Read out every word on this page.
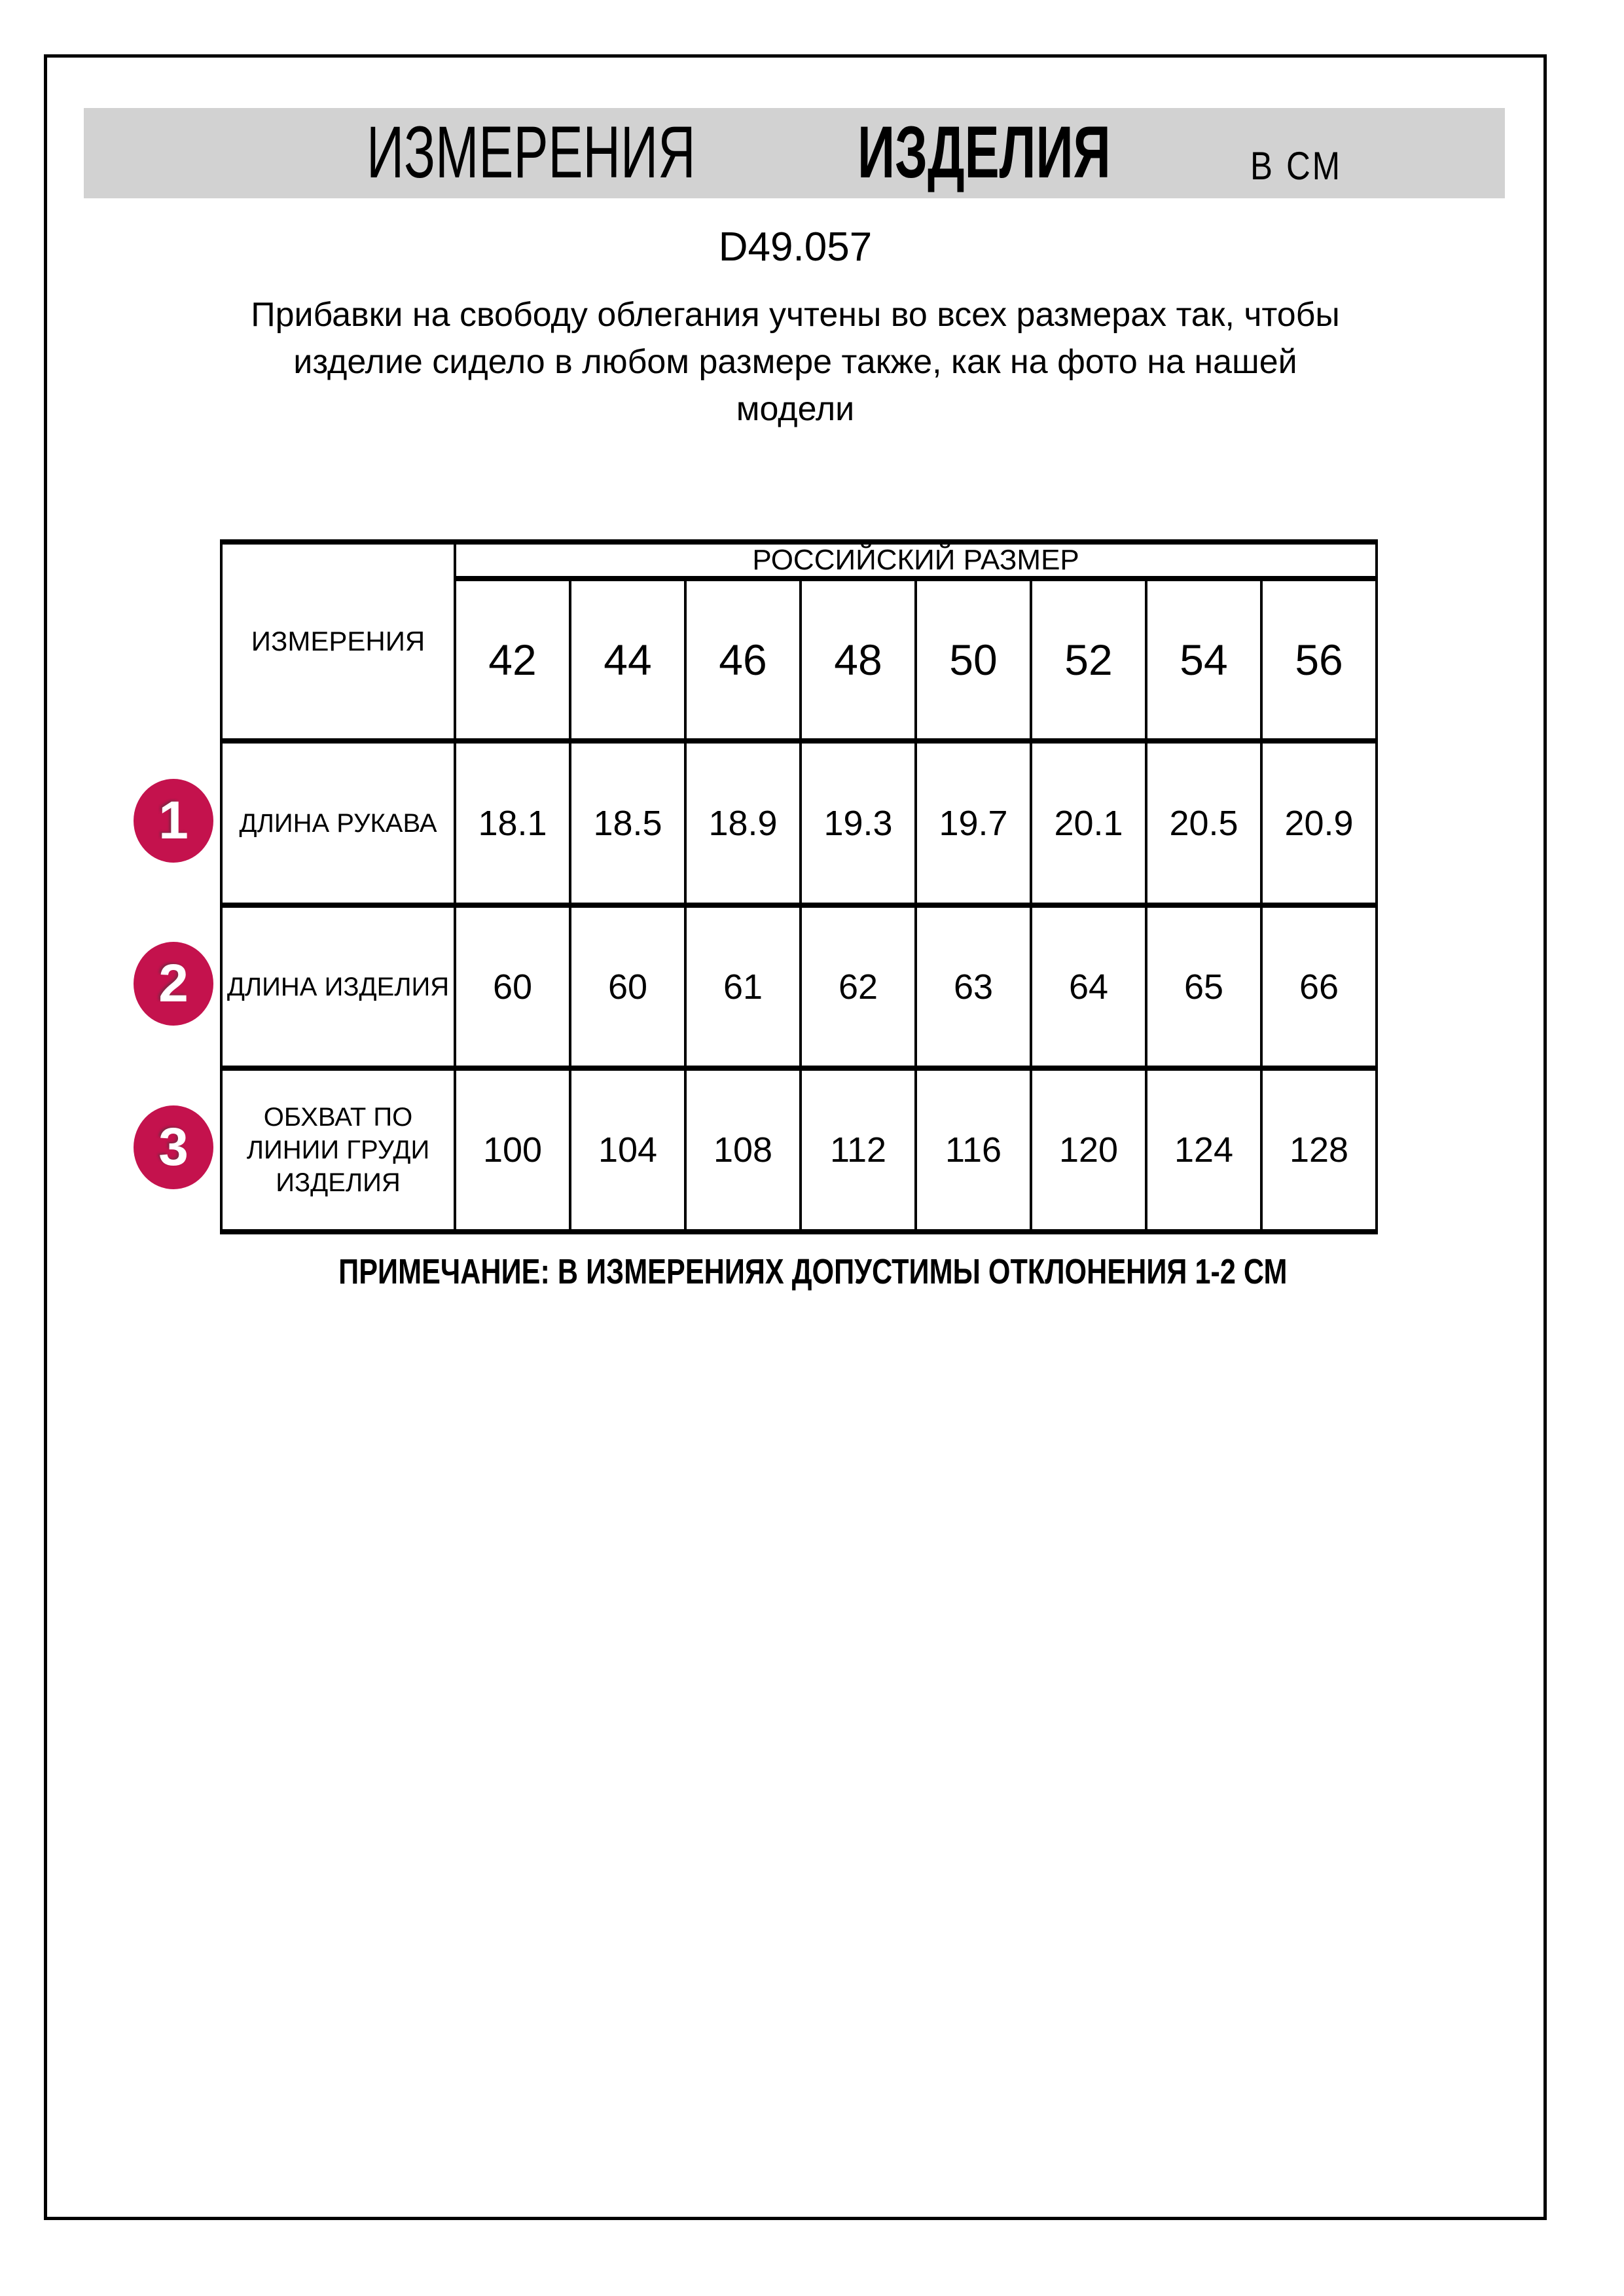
ИЗМЕРЕНИЯ ИЗДЕЛИЯ	В СМ
D49.057
Прибавки на свободу облегания учтены во всех размерах так, чтобы
изделие сидело в любом размере также, как на фото на нашей
модели
ИЗМЕРЕНИЯ	РОССИЙСКИЙ РАЗМЕР							
	42	44	46	48	50	52	54	56
ДЛИНА РУКАВА	18.1	18.5	18.9	19.3	19.7	20.1	20.5	20.9
ДЛИНА ИЗДЕЛИЯ	60	60	61	62	63	64	65	66
ОБХВАТ ПО ЛИНИИ ГРУДИ ИЗДЕЛИЯ	100	104	108	112	116	120	124	128
1
2
3
ПРИМЕЧАНИЕ: В ИЗМЕРЕНИЯХ ДОПУСТИМЫ ОТКЛОНЕНИЯ 1-2 СМ
